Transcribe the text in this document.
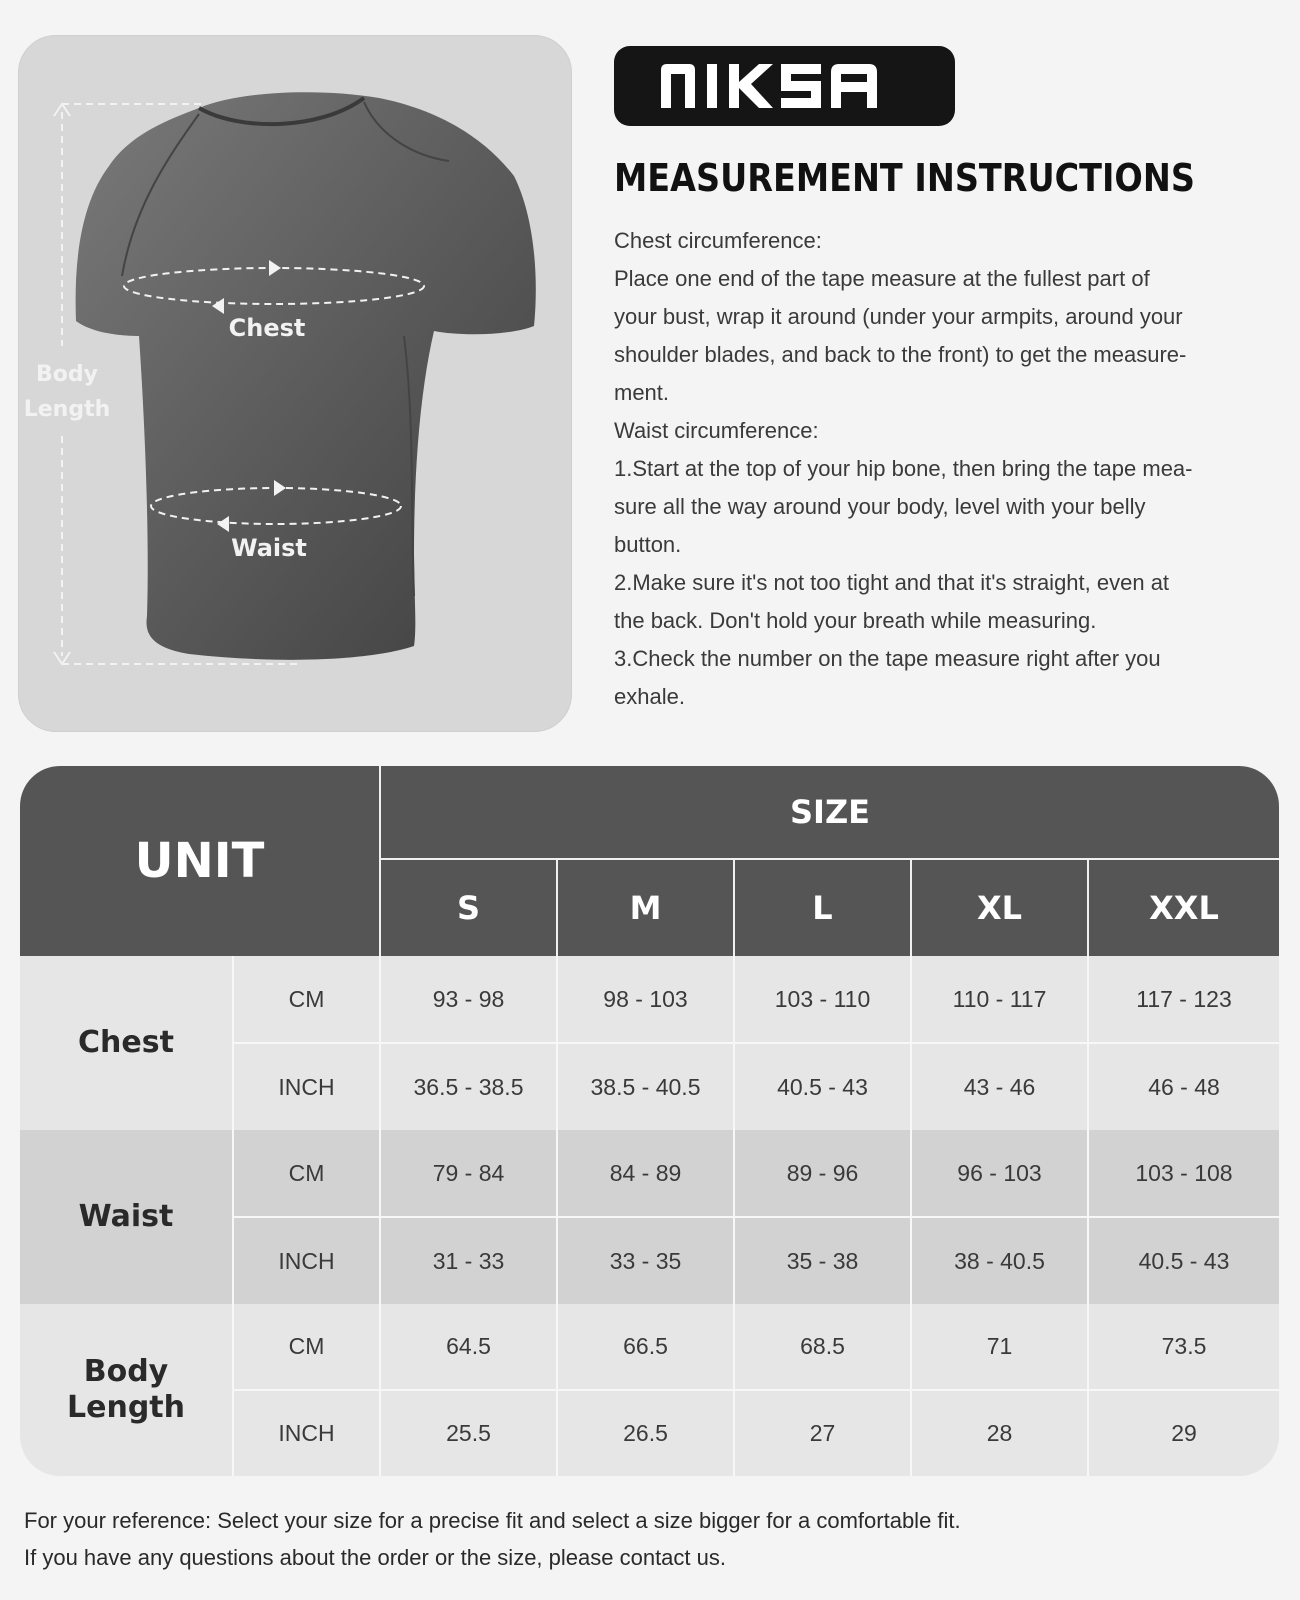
Chest
Waist
Body
Length
MEASUREMENT INSTRUCTIONS

Chest circumference:

Place one end of the tape measure at the fullest part of

your bust, wrap it around (under your armpits, around your

shoulder blades, and back to the front) to get the measure-

ment.

Waist circumference:

1.Start at the top of your hip bone, then bring the tape mea-

sure all the way around your body, level with your belly

button.

2.Make sure it's not too tight and that it's straight, even at

the back. Don't hold your breath while measuring.

3.Check the number on the tape measure right after you

exhale.

UNIT
SIZE
S	M	L	XL	XXL
Chest
CM	93 - 98	98 - 103	103 - 110	110 - 117	117 - 123
INCH	36.5 - 38.5	38.5 - 40.5	40.5 - 43	43 - 46	46 - 48
Waist
CM	79 - 84	84 - 89	89 - 96	96 - 103	103 - 108
INCH	31 - 33	33 - 35	35 - 38	38 - 40.5	40.5 - 43
Body
Length
CM	64.5	66.5	68.5	71	73.5
INCH	25.5	26.5	27	28	29

For your reference: Select your size for a precise fit and select a size bigger for a comfortable fit.

If you have any questions about the order or the size, please contact us.
